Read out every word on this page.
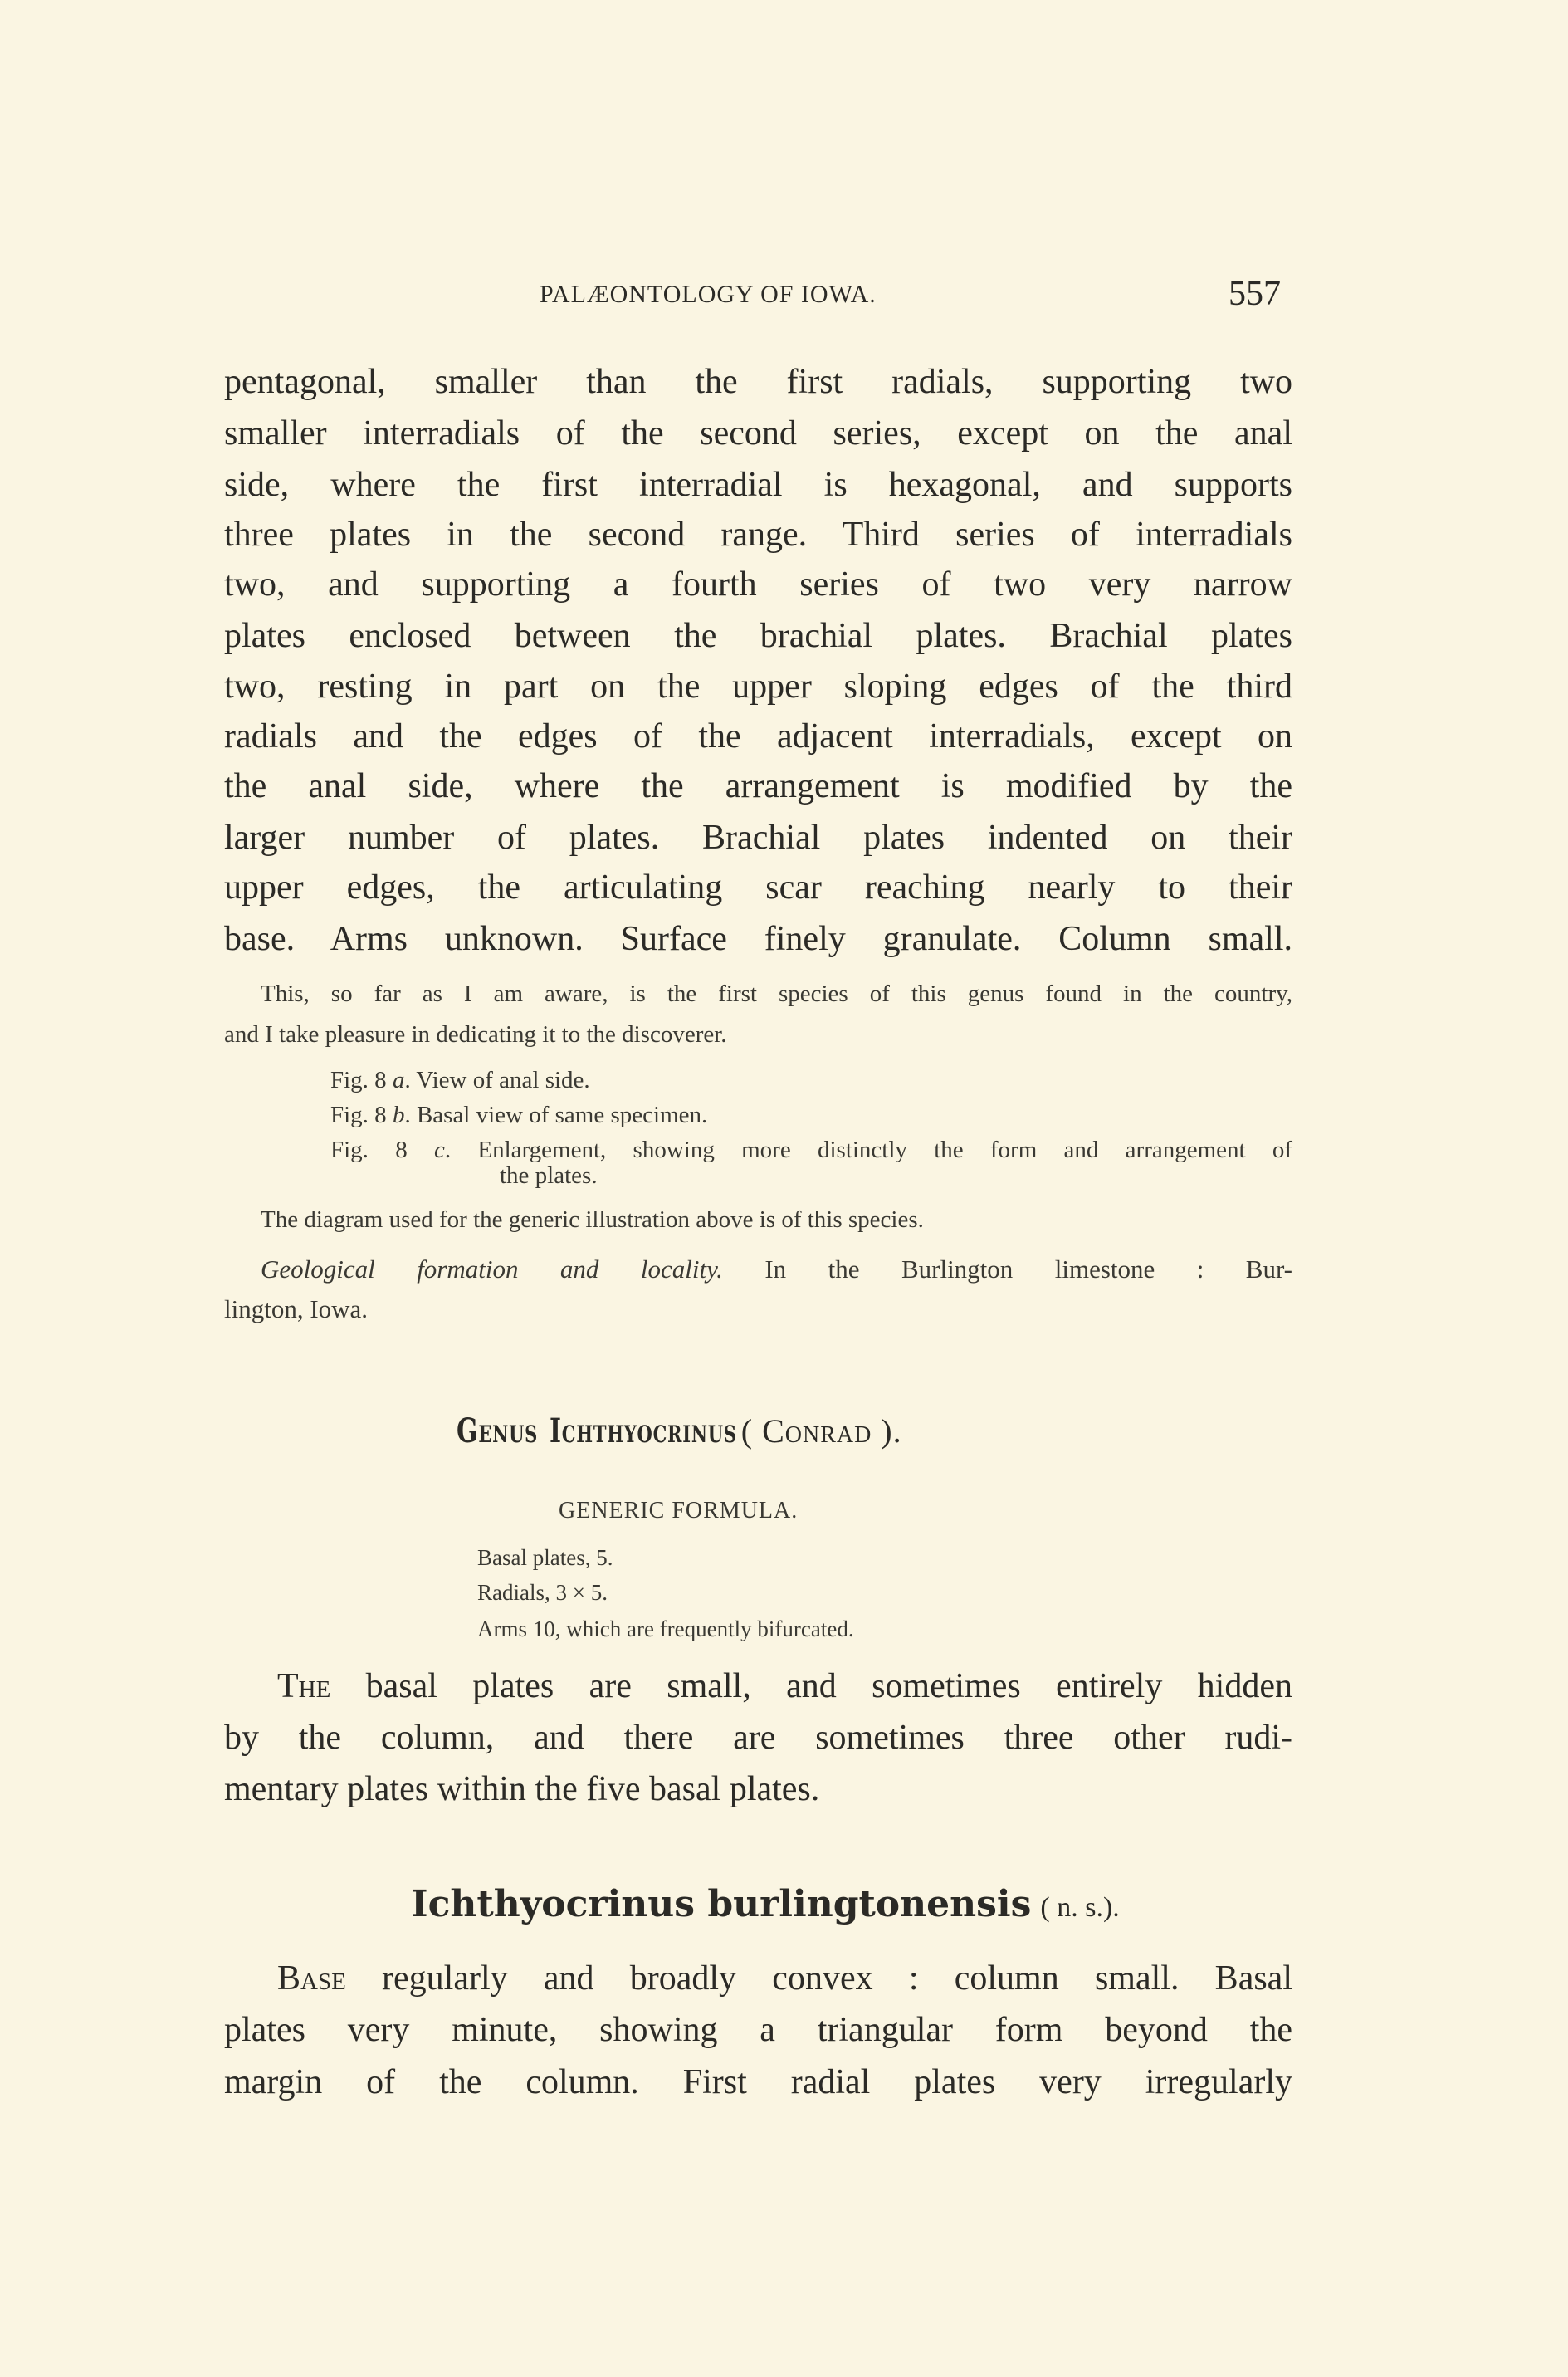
PALÆONTOLOGY OF IOWA.	557
pentagonal, smaller than the first radials, supporting two
smaller interradials of the second series, except on the anal
side, where the first interradial is hexagonal, and supports
three plates in the second range. Third series of interradials
two, and supporting a fourth series of two very narrow
plates enclosed between the brachial plates. Brachial plates
two, resting in part on the upper sloping edges of the third
radials and the edges of the adjacent interradials, except on
the anal side, where the arrangement is modified by the
larger number of plates. Brachial plates indented on their
upper edges, the articulating scar reaching nearly to their
base. Arms unknown. Surface finely granulate. Column small.
This, so far as I am aware, is the first species of this genus found in the country,
and I take pleasure in dedicating it to the discoverer.
Fig. 8 a. View of anal side.
Fig. 8 b. Basal view of same specimen.
Fig. 8 c. Enlargement, showing more distinctly the form and arrangement of
the plates.
The diagram used for the generic illustration above is of this species.
Geological formation and locality. In the Burlington limestone : Bur-
lington, Iowa.
Genus Ichthyocrinus ( Conrad ).
GENERIC FORMULA.
Basal plates, 5.
Radials, 3 × 5.
Arms 10, which are frequently bifurcated.
The basal plates are small, and sometimes entirely hidden
by the column, and there are sometimes three other rudi-
mentary plates within the five basal plates.
Ichthyocrinus burlingtonensis ( n. s.).
Base regularly and broadly convex : column small. Basal
plates very minute, showing a triangular form beyond the
margin of the column. First radial plates very irregularly
